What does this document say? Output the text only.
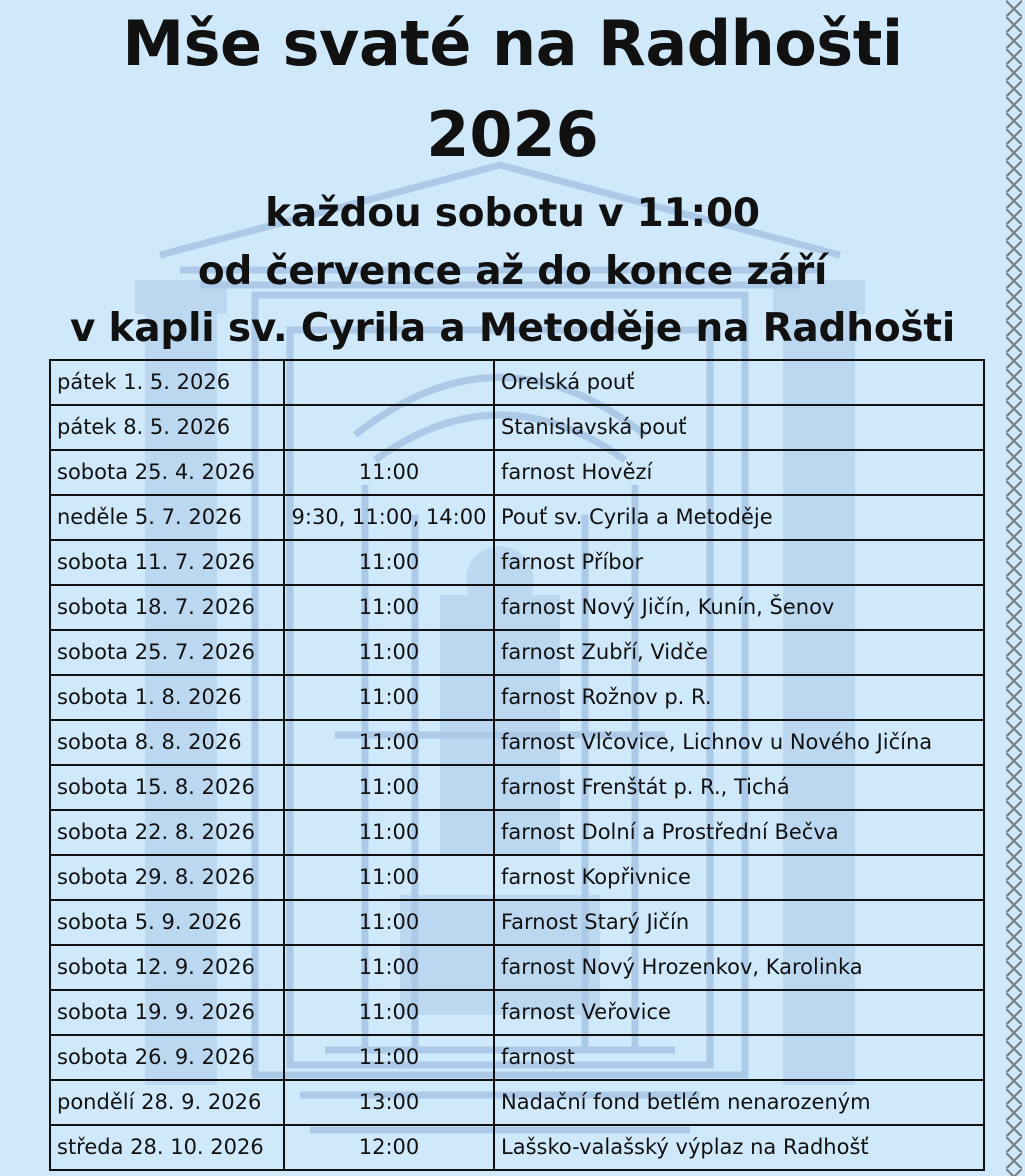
Mše svaté na Radhošti
2026
každou sobotu v 11:00
od července až do konce září
v kapli sv. Cyrila a Metoděje na Radhošti
pátek 1. 5. 2026		Orelská pouť
pátek 8. 5. 2026		Stanislavská pouť
sobota 25. 4. 2026	11:00	farnost Hovězí
neděle 5. 7. 2026	9:30, 11:00, 14:00	Pouť sv. Cyrila a Metoděje
sobota 11. 7. 2026	11:00	farnost Příbor
sobota 18. 7. 2026	11:00	farnost Nový Jičín, Kunín, Šenov
sobota 25. 7. 2026	11:00	farnost Zubří, Vidče
sobota 1. 8. 2026	11:00	farnost Rožnov p. R.
sobota 8. 8. 2026	11:00	farnost Vlčovice, Lichnov u Nového Jičína
sobota 15. 8. 2026	11:00	farnost Frenštát p. R., Tichá
sobota 22. 8. 2026	11:00	farnost Dolní a Prostřední Bečva
sobota 29. 8. 2026	11:00	farnost Kopřivnice
sobota 5. 9. 2026	11:00	Farnost Starý Jičín
sobota 12. 9. 2026	11:00	farnost Nový Hrozenkov, Karolinka
sobota 19. 9. 2026	11:00	farnost Veřovice
sobota 26. 9. 2026	11:00	farnost
pondělí 28. 9. 2026	13:00	Nadační fond betlém nenarozeným
středa 28. 10. 2026	12:00	Lašsko-valašský výplaz na Radhošť
